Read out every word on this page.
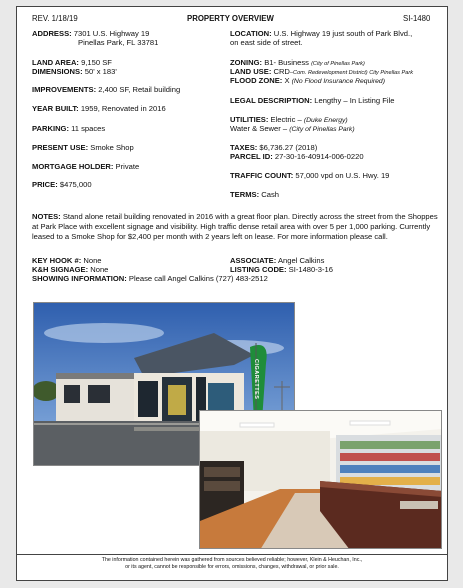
REV. 1/18/19	PROPERTY OVERVIEW	SI-1480
ADDRESS: 7301 U.S. Highway 19
Pinellas Park, FL 33781
LAND AREA: 9,150 SF
DIMENSIONS: 50' x 183'
IMPROVEMENTS: 2,400 SF, Retail building
YEAR BUILT: 1959, Renovated in 2016
PARKING: 11 spaces
PRESENT USE: Smoke Shop
MORTGAGE HOLDER: Private
PRICE: $475,000
LOCATION: U.S. Highway 19 just south of Park Blvd.,
on east side of street.
ZONING: B1- Business (City of Pinellas Park)
LAND USE: CRD–Com. Redevelopment District) City Pinellas Park
FLOOD ZONE: X (No Flood Insurance Required)
LEGAL DESCRIPTION: Lengthy – In Listing File
UTILITIES: Electric – (Duke Energy)
Water & Sewer – (City of Pinellas Park)
TAXES: $6,736.27 (2018)
PARCEL ID: 27-30-16-40914-006-0220
TRAFFIC COUNT: 57,000 vpd on U.S. Hwy. 19
TERMS: Cash
NOTES: Stand alone retail building renovated in 2016 with a great floor plan. Directly across the street from the Shoppes at Park Place with excellent signage and visibility. High traffic dense retail area with over 5 per 1,000 parking. Currently leased to a Smoke Shop for $2,400 per month with 2 years left on lease. For more information please call.
KEY HOOK #: None
K&H SIGNAGE: None
SHOWING INFORMATION: Please call Angel Calkins (727) 483-2512
ASSOCIATE: Angel Calkins
LISTING CODE: SI-1480-3-16
CIGARETTES
The information contained herein was gathered from sources believed reliable; however, Klein & Heuchan, Inc.,
or its agent, cannot be responsible for errors, omissions, changes, withdrawal, or prior sale.
